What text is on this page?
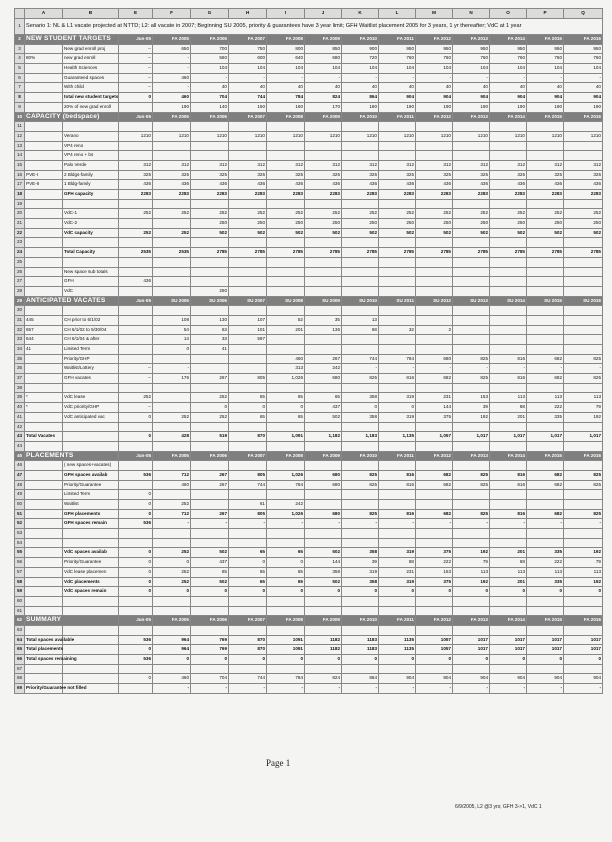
	A	B	E	F	G	H	I	J	K	L	M	N	O	P	Q
1	Senario 1: NL & L1 vacate projected at NTTD; L2: all vacate in 2007; Beginning SU 2005, priority & guarantees have 3 year limit; GFH Waitlist placement 2005 for 3 years, 1 yr thereafter; VdC at 1 year														
2	NEW STUDENT TARGETS		Jun-05	FA 2005	FA 2006	FA 2007	FA 2008	FA 2009	FA 2010	FA 2011	FA 2012	FA 2013	FA 2014	FA 2015	FA 2016
3		New grad enroll proj	--	650	700	750	800	850	900	950	950	950	950	950	950
4	80%	new grad enroll	--	-	560	600	640	680	720	760	760	760	760	760	760
5		Health Sciences	--	-	104	104	104	104	104	104	104	104	104	104	104
6		Guaranteed spaces	--	460	-	-	-	-	-	-	-	-	-	-	-
7		With child	--	-	40	40	40	40	40	40	40	40	40	40	40
8		total new student targets	0	460	704	744	784	824	864	904	904	904	904	904	904
9		20% of new grad enroll		190	140	150	160	170	180	190	190	190	190	190	190
10	CAPACITY (bedspace)		Jun-05	FA 2005	FA 2006	FA 2007	FA 2008	FA 2009	FA 2010	FA 2011	FA 2012	FA 2013	FA 2014	FA 2015	FA 2016
11															
12		Verano	1210	1210	1210	1210	1210	1210	1210	1210	1210	1210	1210	1210	1210
13		VP4 reno													
14		VP4 reno + bs													
15		Palo Verde	312	312	312	312	312	312	312	312	312	312	312	312	312
16	PVE-I	2 Bldgs-family	325	325	325	325	325	325	325	325	325	325	325	325	325
17	PVE-II	1 Bldg-family	436	436	436	436	436	436	436	436	436	436	436	436	436
18		GFH capacity	2283	2283	2283	2283	2283	2283	2283	2283	2283	2283	2283	2283	2283
19															
20		VdC-1	252	252	252	252	252	252	252	252	252	252	252	252	252
21		VdC-2			250	250	250	250	250	250	250	250	250	250	250
22		VdC capacity	252	252	502	502	502	502	502	502	502	502	502	502	502
23															
24		Total Capacity	2535	2535	2785	2785	2785	2785	2785	2785	2785	2785	2785	2785	2785
25															
26		New space sub totals													
27		GFH	436												
28		VdC			250										
29	ANTICIPATED VACATES		Jun-05	SU 2005	SU 2006	SU 2007	SU 2008	SU 2009	SU 2010	SU 2011	SU 2012	SU 2013	SU 2014	SU 2015	SU 2016
30															
31	445	CH prior to 6/1/02		108	130	107	52	35	13						
32	657	CH 6/1/02 to 5/30/04		54	63	101	201	136	68	32	2				
33	644	CH 6/1/04 & after		14	33	597									
34	41	Limited Term		0	41										
35		Priority/GHP					460	267	744	784	680	825	816	682	825
36		Waitlist/Lottery	--	-			313	242	-	-	-	-	-	-	-
37		GFH vacates	--	176	267	805	1,026	680	825	816	682	825	816	682	825
38															
39	*	VdC lease	252		252	65	65	65	358	319	231	153	113	113	113
40	*	VdC priority/GHP	--		0	0	0	437	0	0	144	39	88	222	79
41		VdC anticipated vac	0	252	252	65	65	502	358	319	375	192	201	335	192
42															
43	Total Vacates		0	428	519	870	1,091	1,182	1,183	1,135	1,057	1,017	1,017	1,017	1,017
44															
45	PLACEMENTS		Jun-05	FA 2005	FA 2006	FA 2007	FA 2008	FA 2009	FA 2010	FA 2011	FA 2012	FA 2013	FA 2014	FA 2015	FA 2016
46		( new spaces+vacates)													
47		GFH spaces availab	536	712	267	805	1,026	680	825	816	682	825	816	682	825
48		Priority/Guarantee		460	267	744	784	680	825	816	682	825	816	682	825
49		Limited Term	0												
50		Waitlist	0	252		61	242								
51		GFH placements	0	712	267	805	1,026	680	825	816	682	825	816	682	825
52		GFH spaces remain	536	-	-	-	-	-	-	-	-	-	-	-	-
53															
54															
55		VdC spaces availab	0	252	502	65	65	502	358	319	375	192	201	335	192
56		Priority/Guarantee	0	0	437	0	0	144	39	88	222	79	88	222	79
57		VdC lease placemen	0	252	65	65	65	358	319	231	153	113	113	113	113
58		VdC placements	0	252	502	65	65	502	358	319	375	192	201	335	192
59		VdC spaces remain	0	0	0	0	0	0	0	0	0	0	0	0	0
60															
61															
62	SUMMARY		Jun-05	FA 2005	FA 2006	FA 2007	FA 2008	FA 2009	FA 2010	FA 2011	FA 2012	FA 2013	FA 2014	FA 2015	FA 2016
63															
64	Total spaces available		536	964	769	870	1091	1182	1183	1135	1057	1017	1017	1017	1017
65	Total placements		0	964	769	870	1091	1182	1183	1135	1057	1017	1017	1017	1017
66	Total spaces remaining		536	0	0	0	0	0	0	0	0	0	0	0	0
67															
68			0	460	704	744	784	824	864	904	904	904	904	904	904
69	Priority/Guarantee not filled			-	-	-	-	-	-	-	-	-	-	-	-
Page 1
6/9/2005, L2 @3 yrs; GFH 3->1, VdC 1
